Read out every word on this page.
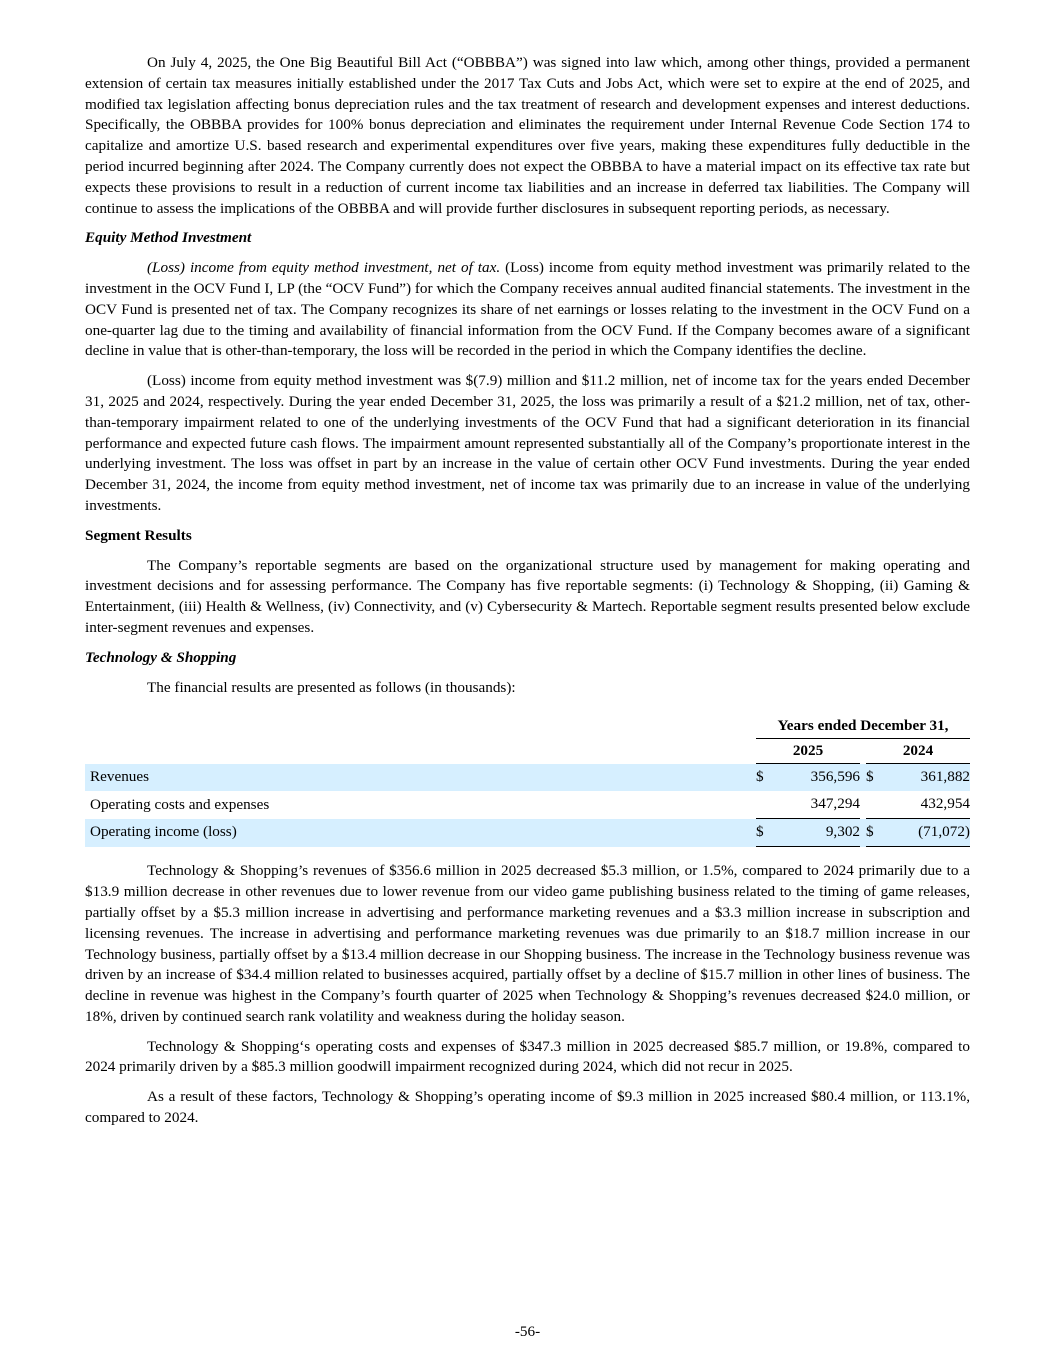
On July 4, 2025, the One Big Beautiful Bill Act (“OBBBA”) was signed into law which, among other things, provided a permanent extension of certain tax measures initially established under the 2017 Tax Cuts and Jobs Act, which were set to expire at the end of 2025, and modified tax legislation affecting bonus depreciation rules and the tax treatment of research and development expenses and interest deductions. Specifically, the OBBBA provides for 100% bonus depreciation and eliminates the requirement under Internal Revenue Code Section 174 to capitalize and amortize U.S. based research and experimental expenditures over five years, making these expenditures fully deductible in the period incurred beginning after 2024. The Company currently does not expect the OBBBA to have a material impact on its effective tax rate but expects these provisions to result in a reduction of current income tax liabilities and an increase in deferred tax liabilities. The Company will continue to assess the implications of the OBBBA and will provide further disclosures in subsequent reporting periods, as necessary.

Equity Method Investment

(Loss) income from equity method investment, net of tax. (Loss) income from equity method investment was primarily related to the investment in the OCV Fund I, LP (the “OCV Fund”) for which the Company receives annual audited financial statements. The investment in the OCV Fund is presented net of tax. The Company recognizes its share of net earnings or losses relating to the investment in the OCV Fund on a one-quarter lag due to the timing and availability of financial information from the OCV Fund. If the Company becomes aware of a significant decline in value that is other-than-temporary, the loss will be recorded in the period in which the Company identifies the decline.

(Loss) income from equity method investment was $(7.9) million and $11.2 million, net of income tax for the years ended December 31, 2025 and 2024, respectively. During the year ended December 31, 2025, the loss was primarily a result of a $21.2 million, net of tax, other-than-temporary impairment related to one of the underlying investments of the OCV Fund that had a significant deterioration in its financial performance and expected future cash flows. The impairment amount represented substantially all of the Company’s proportionate interest in the underlying investment. The loss was offset in part by an increase in the value of certain other OCV Fund investments. During the year ended December 31, 2024, the income from equity method investment, net of income tax was primarily due to an increase in value of the underlying investments.

Segment Results

The Company’s reportable segments are based on the organizational structure used by management for making operating and investment decisions and for assessing performance. The Company has five reportable segments: (i) Technology & Shopping, (ii) Gaming & Entertainment, (iii) Health & Wellness, (iv) Connectivity, and (v) Cybersecurity & Martech. Reportable segment results presented below exclude inter-segment revenues and expenses.

Technology & Shopping

The financial results are presented as follows (in thousands):

	Years ended December 31,				
	2025			2024	
Revenues	$	356,596		$	361,882
Operating costs and expenses		347,294			432,954
Operating income (loss)	$	9,302		$	(71,072)

Technology & Shopping’s revenues of $356.6 million in 2025 decreased $5.3 million, or 1.5%, compared to 2024 primarily due to a $13.9 million decrease in other revenues due to lower revenue from our video game publishing business related to the timing of game releases, partially offset by a $5.3 million increase in advertising and performance marketing revenues and a $3.3 million increase in subscription and licensing revenues. The increase in advertising and performance marketing revenues was due primarily to an $18.7 million increase in our Technology business, partially offset by a $13.4 million decrease in our Shopping business. The increase in the Technology business revenue was driven by an increase of $34.4 million related to businesses acquired, partially offset by a decline of $15.7 million in other lines of business. The decline in revenue was highest in the Company’s fourth quarter of 2025 when Technology & Shopping’s revenues decreased $24.0 million, or 18%, driven by continued search rank volatility and weakness during the holiday season.

Technology & Shopping‘s operating costs and expenses of $347.3 million in 2025 decreased $85.7 million, or 19.8%, compared to 2024 primarily driven by a $85.3 million goodwill impairment recognized during 2024, which did not recur in 2025.

As a result of these factors, Technology & Shopping’s operating income of $9.3 million in 2025 increased $80.4 million, or 113.1%, compared to 2024.

-56-
